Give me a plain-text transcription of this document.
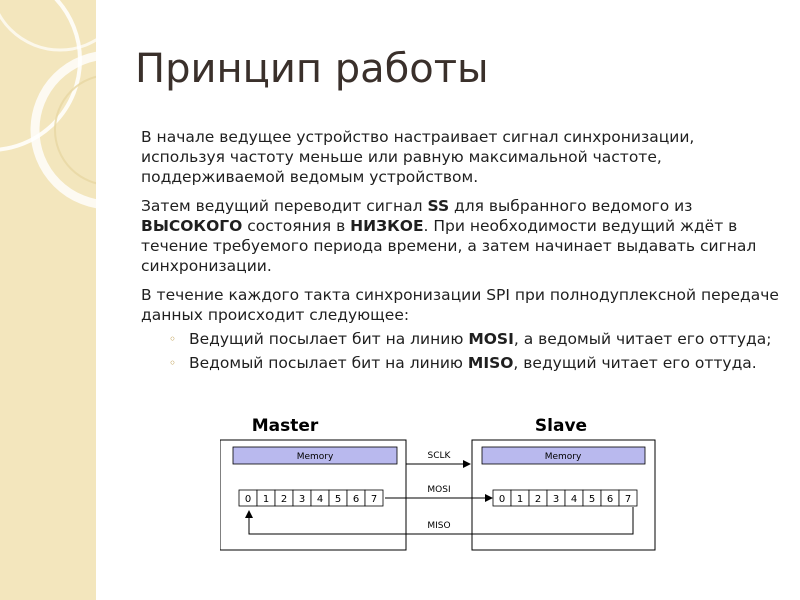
Принцип работы

В начале ведущее устройство настраивает сигнал синхронизации, используя частоту меньше или равную максимальной частоте, поддерживаемой ведомым устройством.

Затем ведущий переводит сигнал SS для выбранного ведомого из ВЫСОКОГО состояния в НИЗКОЕ. При необходимости ведущий ждёт в течение требуемого периода времени, а затем начинает выдавать сигнал синхронизации.

В течение каждого такта синхронизации SPI при полнодуплексной передаче данных происходит следующее:

◦ Ведущий посылает бит на линию MOSI, а ведомый читает его оттуда;
◦ Ведомый посылает бит на линию MISO, ведущий читает его оттуда.
Master	Slave
Memory	Memory
0 1 2 3 4 5 6 7	0 1 2 3 4 5 6 7
SCLK
MOSI
MISO
